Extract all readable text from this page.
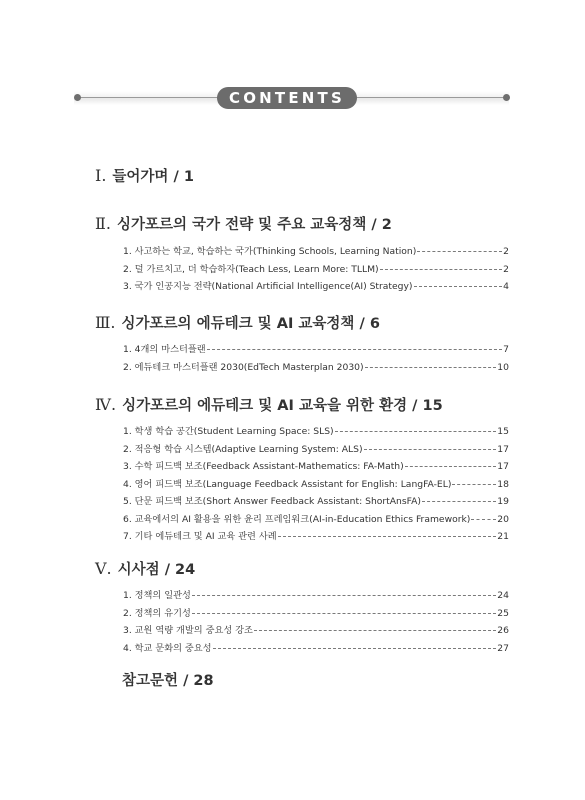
CONTENTS
Ⅰ. 들어가며 / 1
Ⅱ. 싱가포르의 국가 전략 및 주요 교육정책 / 2
1. 사고하는 학교, 학습하는 국가(Thinking Schools, Learning Nation)	2
2. 덜 가르치고, 더 학습하자(Teach Less, Learn More: TLLM)	2
3. 국가 인공지능 전략(National Artificial Intelligence(AI) Strategy)	4
Ⅲ. 싱가포르의 에듀테크 및 AI 교육정책 / 6
1. 4개의 마스터플랜	7
2. 에듀테크 마스터플랜 2030(EdTech Masterplan 2030)	10
Ⅳ. 싱가포르의 에듀테크 및 AI 교육을 위한 환경 / 15
1. 학생 학습 공간(Student Learning Space: SLS)	15
2. 적응형 학습 시스템(Adaptive Learning System: ALS)	17
3. 수학 피드백 보조(Feedback Assistant-Mathematics: FA-Math)	17
4. 영어 피드백 보조(Language Feedback Assistant for English: LangFA-EL)	18
5. 단문 피드백 보조(Short Answer Feedback Assistant: ShortAnsFA)	19
6. 교육에서의 AI 활용을 위한 윤리 프레임워크(AI-in-Education Ethics Framework)	20
7. 기타 에듀테크 및 AI 교육 관련 사례	21
Ⅴ. 시사점 / 24
1. 정책의 일관성	24
2. 정책의 유기성	25
3. 교원 역량 개발의 중요성 강조	26
4. 학교 문화의 중요성	27
참고문헌 / 28
